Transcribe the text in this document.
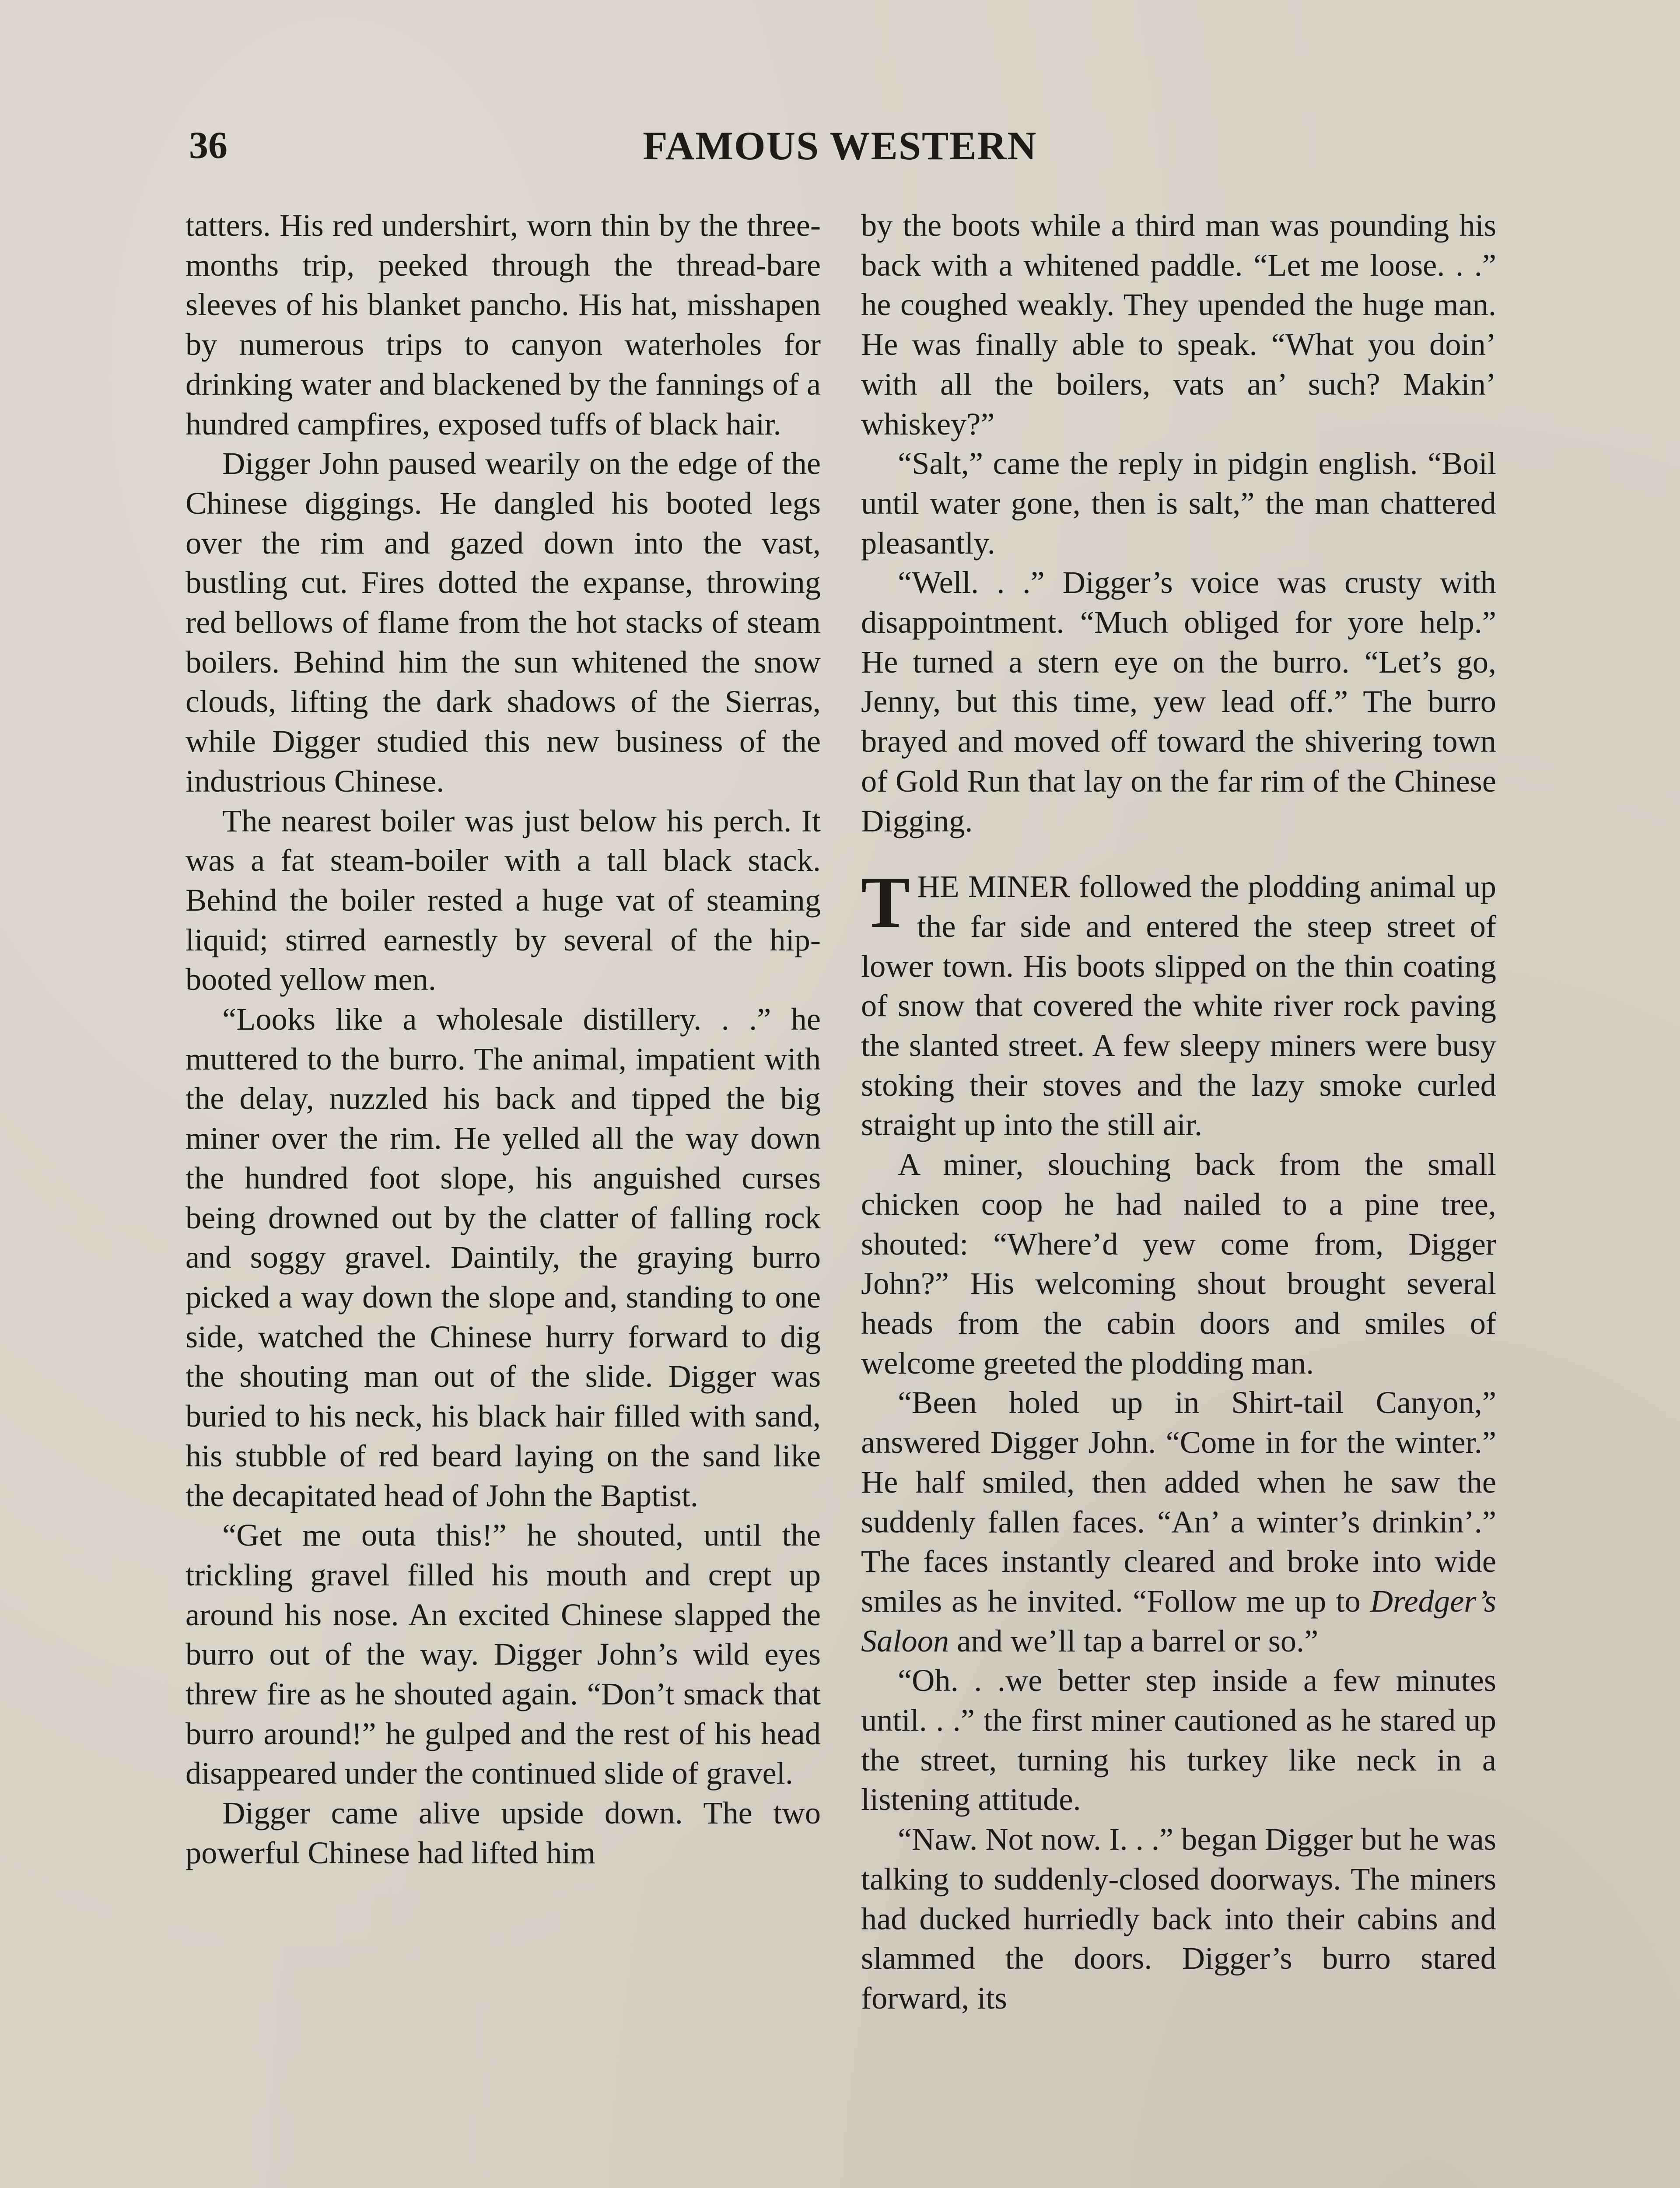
36	FAMOUS WESTERN

tatters. His red undershirt, worn thin by the three-months trip, peeked through the thread-bare sleeves of his blanket pancho. His hat, misshapen by numerous trips to canyon waterholes for drinking water and blackened by the fannings of a hundred campfires, exposed tuffs of black hair.

Digger John paused wearily on the edge of the Chinese diggings. He dangled his booted legs over the rim and gazed down into the vast, bustling cut. Fires dotted the expanse, throwing red bellows of flame from the hot stacks of steam boilers. Behind him the sun whitened the snow clouds, lifting the dark shadows of the Sierras, while Digger studied this new business of the industrious Chinese.

The nearest boiler was just below his perch. It was a fat steam-boiler with a tall black stack. Behind the boiler rested a huge vat of steaming liquid; stirred earnestly by several of the hip-booted yellow men.

“Looks like a wholesale distillery. . .” he muttered to the burro. The animal, impatient with the delay, nuzzled his back and tipped the big miner over the rim. He yelled all the way down the hundred foot slope, his anguished curses being drowned out by the clatter of falling rock and soggy gravel. Daintily, the graying burro picked a way down the slope and, standing to one side, watched the Chinese hurry forward to dig the shouting man out of the slide. Digger was buried to his neck, his black hair filled with sand, his stubble of red beard laying on the sand like the decapitated head of John the Baptist.

“Get me outa this!” he shouted, until the trickling gravel filled his mouth and crept up around his nose. An excited Chinese slapped the burro out of the way. Digger John’s wild eyes threw fire as he shouted again. “Don’t smack that burro around!” he gulped and the rest of his head disappeared under the continued slide of gravel.

Digger came alive upside down. The two powerful Chinese had lifted him

by the boots while a third man was pounding his back with a whitened paddle. “Let me loose. . .” he coughed weakly. They upended the huge man. He was finally able to speak. “What you doin’ with all the boilers, vats an’ such? Makin’ whiskey?”

“Salt,” came the reply in pidgin english. “Boil until water gone, then is salt,” the man chattered pleasantly.

“Well. . .” Digger’s voice was crusty with disappointment. “Much obliged for yore help.” He turned a stern eye on the burro. “Let’s go, Jenny, but this time, yew lead off.” The burro brayed and moved off toward the shivering town of Gold Run that lay on the far rim of the Chinese Digging.

THE MINER followed the plodding animal up the far side and entered the steep street of lower town. His boots slipped on the thin coating of snow that covered the white river rock paving the slanted street. A few sleepy miners were busy stoking their stoves and the lazy smoke curled straight up into the still air.

A miner, slouching back from the small chicken coop he had nailed to a pine tree, shouted: “Where’d yew come from, Digger John?” His welcoming shout brought several heads from the cabin doors and smiles of welcome greeted the plodding man.

“Been holed up in Shirt-tail Canyon,” answered Digger John. “Come in for the winter.” He half smiled, then added when he saw the suddenly fallen faces. “An’ a winter’s drinkin’.” The faces instantly cleared and broke into wide smiles as he invited. “Follow me up to Dredger’s Saloon and we’ll tap a barrel or so.”

“Oh. . .we better step inside a few minutes until. . .” the first miner cautioned as he stared up the street, turning his turkey like neck in a listening attitude.

“Naw. Not now. I. . .” began Digger but he was talking to suddenly-closed doorways. The miners had ducked hurriedly back into their cabins and slammed the doors. Digger’s burro stared forward, its
